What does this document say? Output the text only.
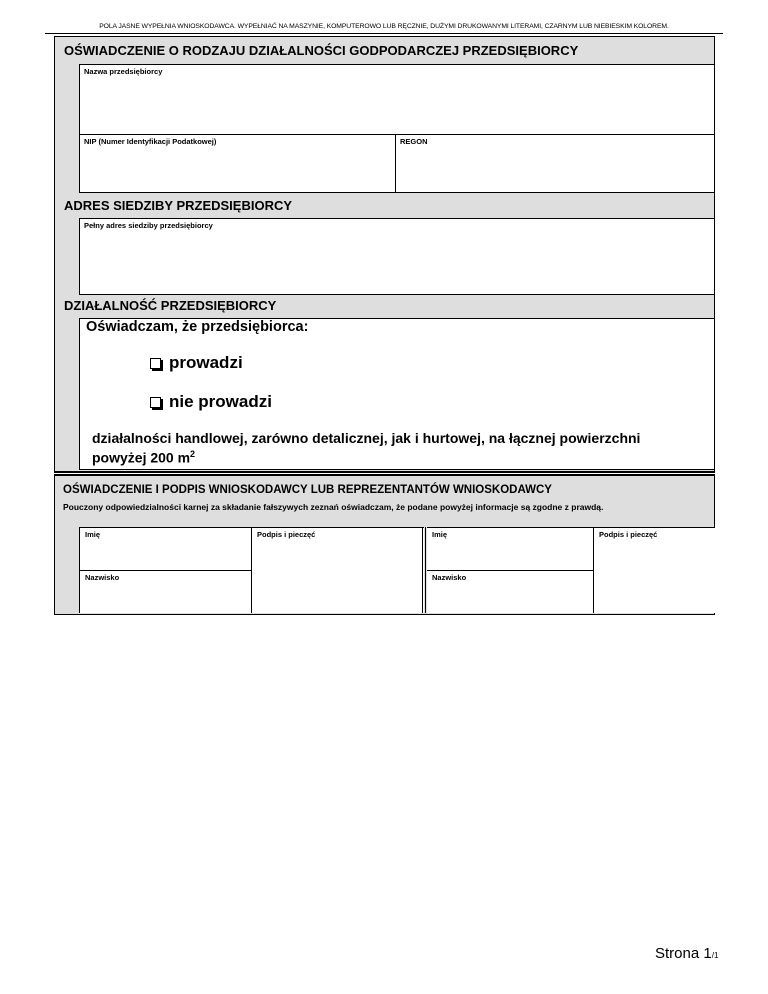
POLA JASNE WYPEŁNIA WNIOSKODAWCA. WYPEŁNIAĆ NA MASZYNIE, KOMPUTEROWO LUB RĘCZNIE, DUŻYMI DRUKOWANYMI LITERAMI, CZARNYM LUB NIEBIESKIM KOLOREM.
OŚWIADCZENIE O RODZAJU DZIAŁALNOŚCI GODPODARCZEJ PRZEDSIĘBIORCY
Nazwa przedsiębiorcy
NIP (Numer Identyfikacji Podatkowej)	REGON
ADRES SIEDZIBY PRZEDSIĘBIORCY
Pełny adres siedziby przedsiębiorcy
DZIAŁALNOŚĆ PRZEDSIĘBIORCY
Oświadczam, że przedsiębiorca:
prowadzi
nie prowadzi
działalności handlowej, zarówno detalicznej, jak i hurtowej, na łącznej powierzchni
powyżej 200 $m^2$
OŚWIADCZENIE I PODPIS WNIOSKODAWCY LUB REPREZENTANTÓW WNIOSKODAWCY
Pouczony odpowiedzialności karnej za składanie fałszywych zeznań oświadczam, że podane powyżej informacje są zgodne z prawdą.
Imię
Nazwisko
Podpis i pieczęć	Imię
Nazwisko
Podpis i pieczęć
Strona 1/1
